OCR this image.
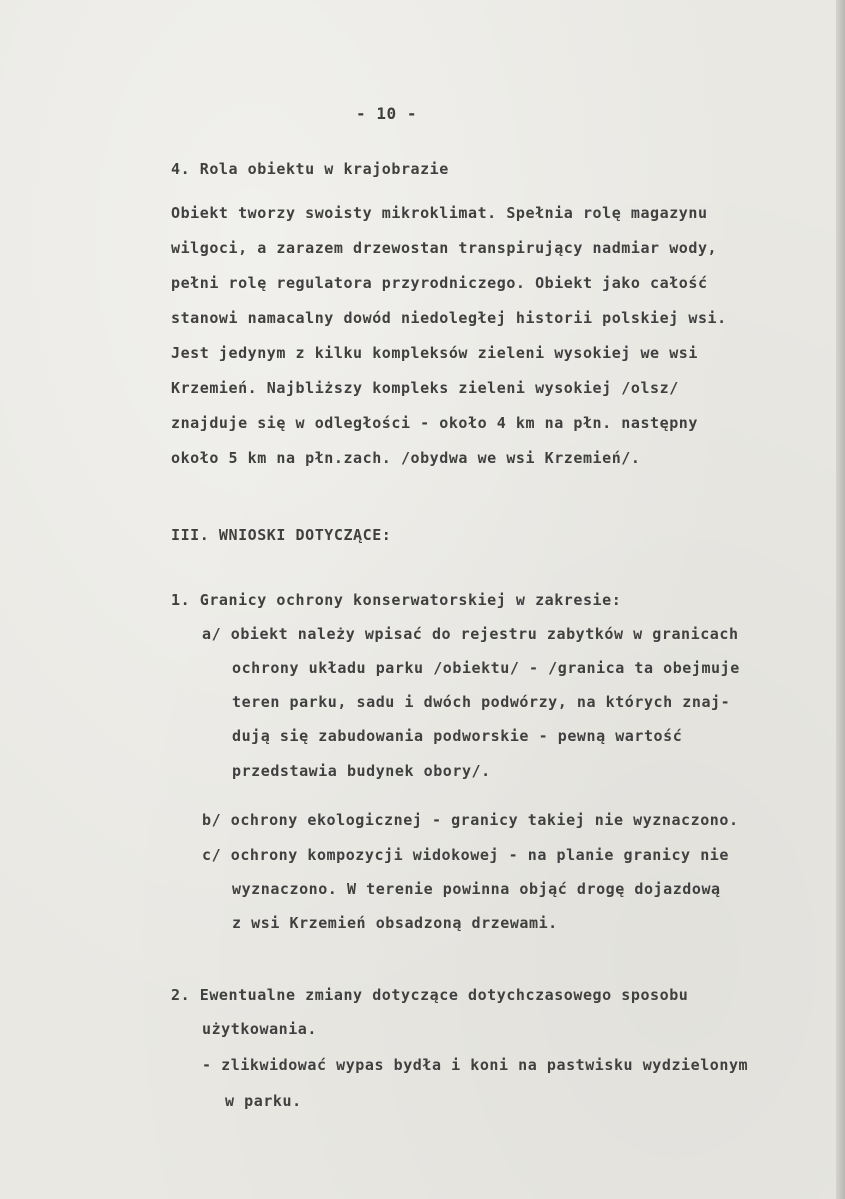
- 10 -
4. Rola obiektu w krajobrazie
Obiekt tworzy swoisty mikroklimat. Spełnia rolę magazynu
wilgoci, a zarazem drzewostan transpirujący nadmiar wody,
pełni rolę regulatora przyrodniczego. Obiekt jako całość
stanowi namacalny dowód niedoległej historii polskiej wsi.
Jest jedynym z kilku kompleksów zieleni wysokiej we wsi
Krzemień. Najbliższy kompleks zieleni wysokiej /olsz/
znajduje się w odległości - około 4 km na płn. następny
około 5 km na płn.zach. /obydwa we wsi Krzemień/.
III. WNIOSKI DOTYCZĄCE:
1. Granicy ochrony konserwatorskiej w zakresie:
a/ obiekt należy wpisać do rejestru zabytków w granicach
ochrony układu parku /obiektu/ - /granica ta obejmuje
teren parku, sadu i dwóch podwórzy, na których znaj-
dują się zabudowania podworskie - pewną wartość
przedstawia budynek obory/.
b/ ochrony ekologicznej - granicy takiej nie wyznaczono.
c/ ochrony kompozycji widokowej - na planie granicy nie
wyznaczono. W terenie powinna objąć drogę dojazdową
z wsi Krzemień obsadzoną drzewami.
2. Ewentualne zmiany dotyczące dotychczasowego sposobu
użytkowania.
- zlikwidować wypas bydła i koni na pastwisku wydzielonym
w parku.
